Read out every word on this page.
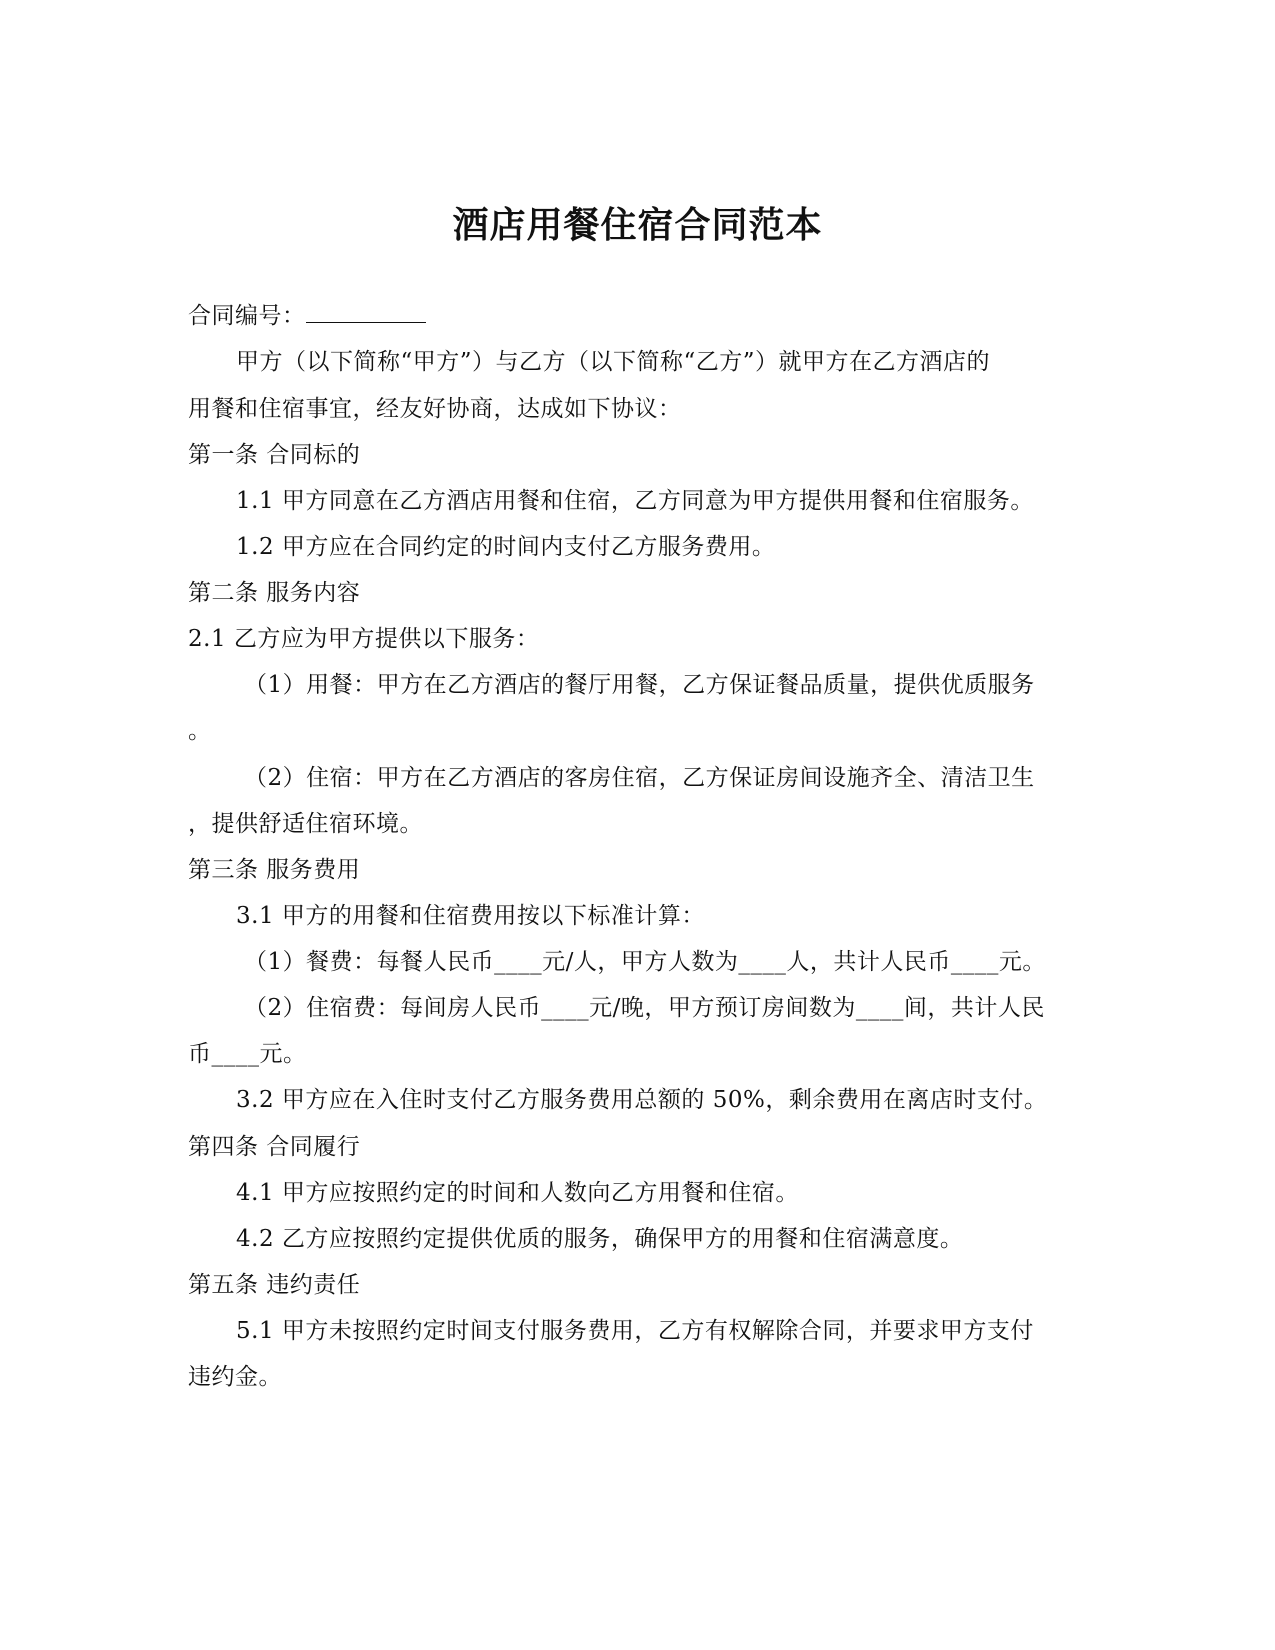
酒店用餐住宿合同范本
合同编号：
甲方（以下简称“甲方”）与乙方（以下简称“乙方”）就甲方在乙方酒店的
用餐和住宿事宜，经友好协商，达成如下协议：
第一条 合同标的
1.1 甲方同意在乙方酒店用餐和住宿，乙方同意为甲方提供用餐和住宿服务。
1.2 甲方应在合同约定的时间内支付乙方服务费用。
第二条 服务内容
2.1 乙方应为甲方提供以下服务：
（1）用餐：甲方在乙方酒店的餐厅用餐，乙方保证餐品质量，提供优质服务
。
（2）住宿：甲方在乙方酒店的客房住宿，乙方保证房间设施齐全、清洁卫生
，提供舒适住宿环境。
第三条 服务费用
3.1 甲方的用餐和住宿费用按以下标准计算：
（1）餐费：每餐人民币____元/人，甲方人数为____人，共计人民币____元。
（2）住宿费：每间房人民币____元/晚，甲方预订房间数为____间，共计人民
币____元。
3.2 甲方应在入住时支付乙方服务费用总额的 50%，剩余费用在离店时支付。
第四条 合同履行
4.1 甲方应按照约定的时间和人数向乙方用餐和住宿。
4.2 乙方应按照约定提供优质的服务，确保甲方的用餐和住宿满意度。
第五条 违约责任
5.1 甲方未按照约定时间支付服务费用，乙方有权解除合同，并要求甲方支付
违约金。
